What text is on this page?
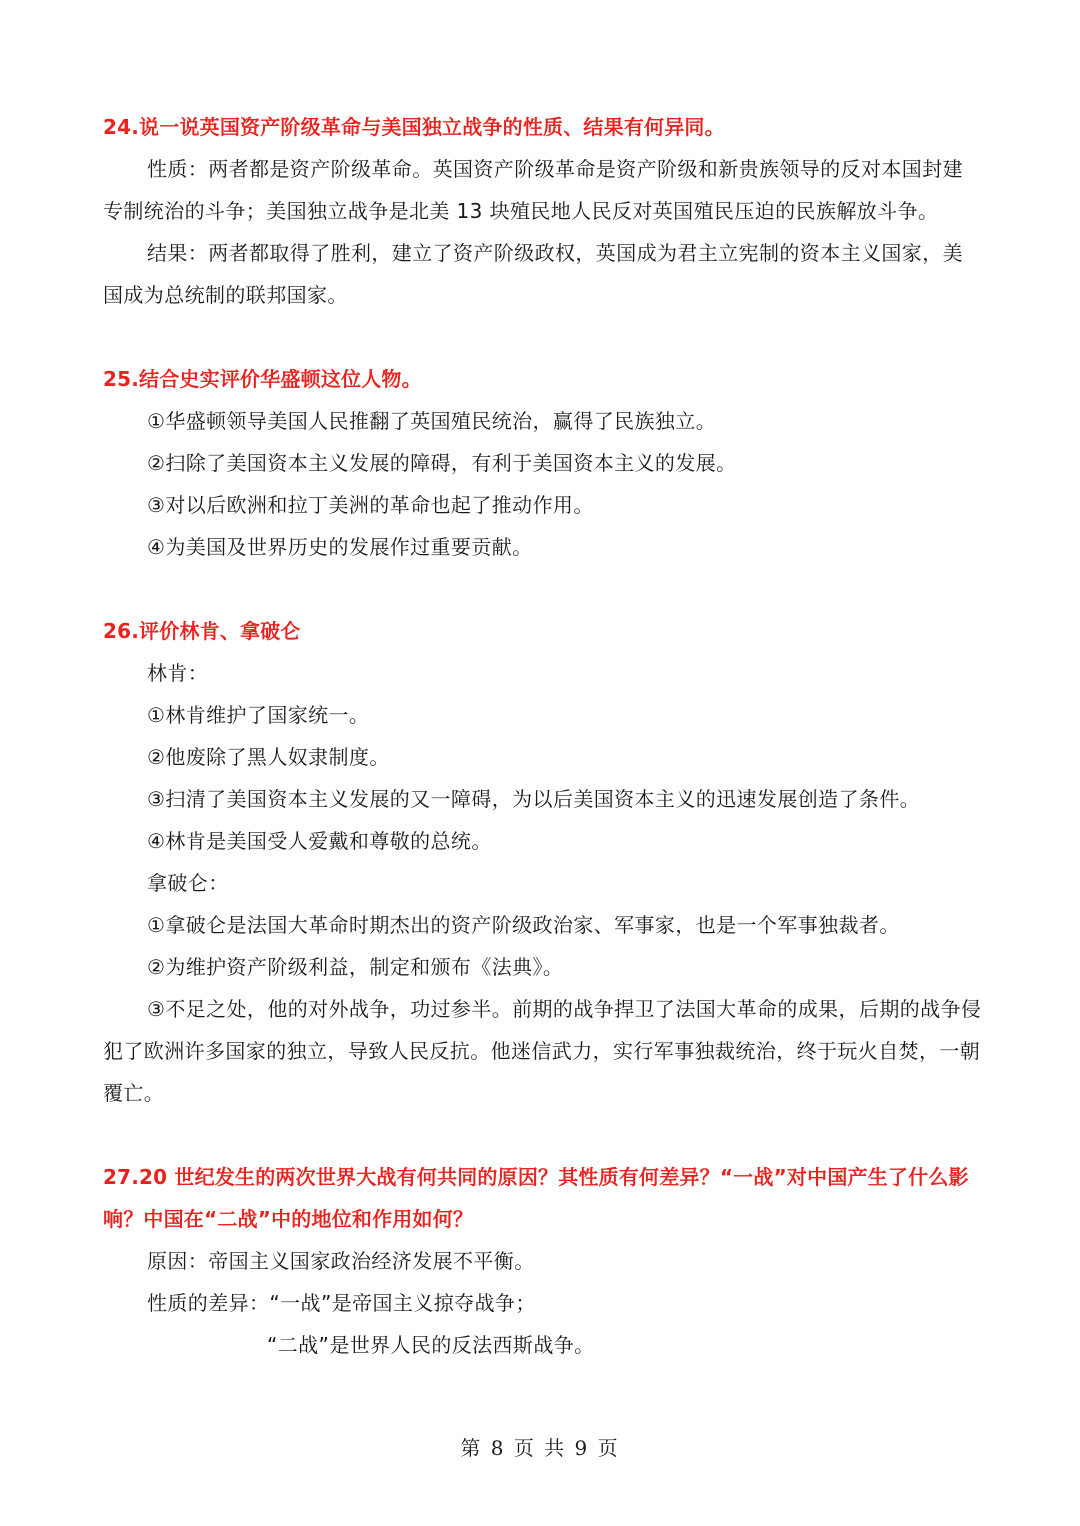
24.说一说英国资产阶级革命与美国独立战争的性质、结果有何异同。

性质：两者都是资产阶级革命。英国资产阶级革命是资产阶级和新贵族领导的反对本国封建专制统治的斗争；美国独立战争是北美 13 块殖民地人民反对英国殖民压迫的民族解放斗争。

结果：两者都取得了胜利，建立了资产阶级政权，英国成为君主立宪制的资本主义国家，美国成为总统制的联邦国家。

25.结合史实评价华盛顿这位人物。

①华盛顿领导美国人民推翻了英国殖民统治，赢得了民族独立。

②扫除了美国资本主义发展的障碍，有利于美国资本主义的发展。

③对以后欧洲和拉丁美洲的革命也起了推动作用。

④为美国及世界历史的发展作过重要贡献。

26.评价林肯、拿破仑

林肯：

①林肯维护了国家统一。

②他废除了黑人奴隶制度。

③扫清了美国资本主义发展的又一障碍，为以后美国资本主义的迅速发展创造了条件。

④林肯是美国受人爱戴和尊敬的总统。

拿破仑：

①拿破仑是法国大革命时期杰出的资产阶级政治家、军事家，也是一个军事独裁者。

②为维护资产阶级利益，制定和颁布《法典》。

③不足之处，他的对外战争，功过参半。前期的战争捍卫了法国大革命的成果，后期的战争侵犯了欧洲许多国家的独立，导致人民反抗。他迷信武力，实行军事独裁统治，终于玩火自焚，一朝覆亡。

27.20 世纪发生的两次世界大战有何共同的原因？其性质有何差异？“一战”对中国产生了什么影响？中国在“二战”中的地位和作用如何？

原因：帝国主义国家政治经济发展不平衡。

性质的差异：“一战”是帝国主义掠夺战争；

“二战”是世界人民的反法西斯战争。

第 8 页 共 9 页
